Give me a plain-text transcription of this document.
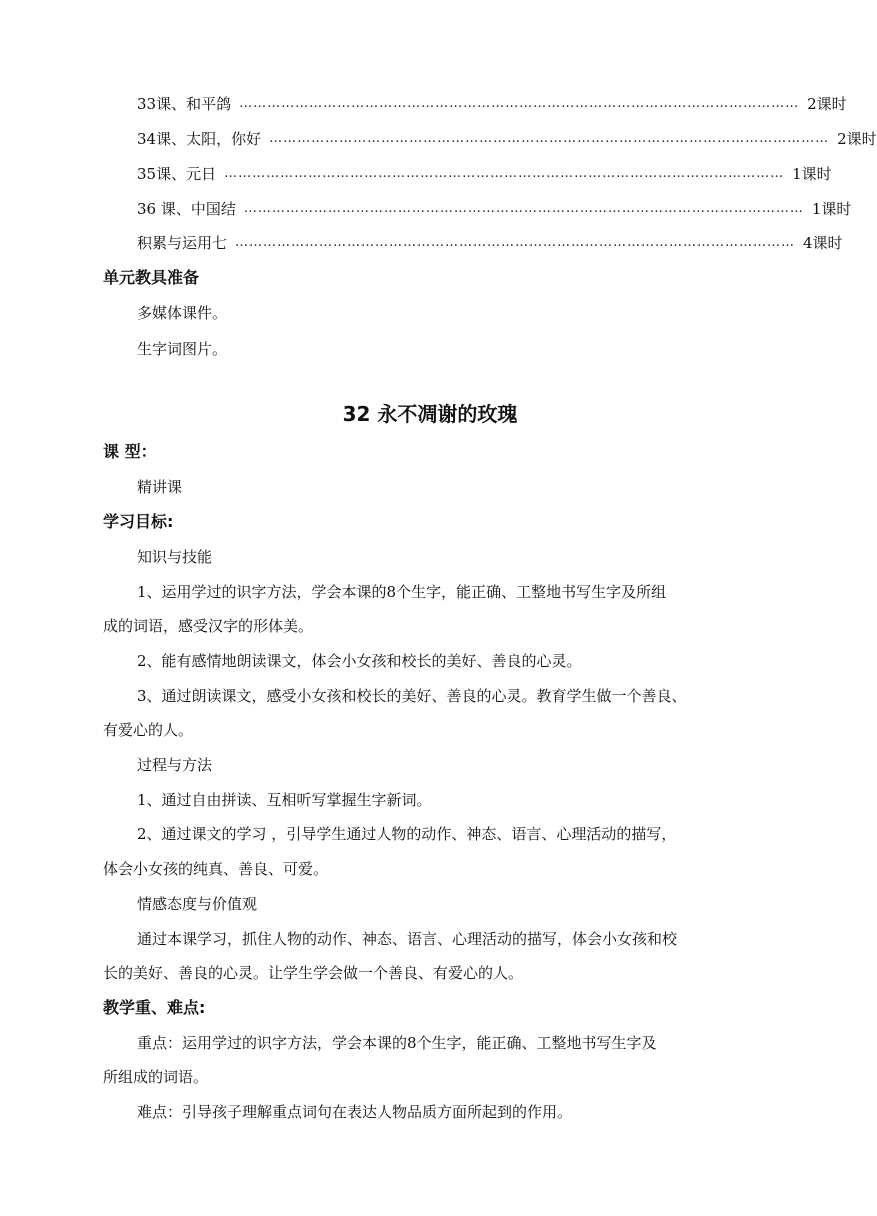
33课、和平鸽 ………………………………………………………………………………………………………… 2课时
34课、太阳，你好 ………………………………………………………………………………………………………… 2课时
35课、元日 ………………………………………………………………………………………………………… 1课时
36 课、中国结 ………………………………………………………………………………………………………… 1课时
积累与运用七 ………………………………………………………………………………………………………… 4课时
单元教具准备
多媒体课件。
生字词图片。
32 永不凋谢的玫瑰
课 型：
精讲课
学习目标:
知识与技能
1、运用学过的识字方法，学会本课的8个生字，能正确、工整地书写生字及所组
成的词语，感受汉字的形体美。
2、能有感情地朗读课文，体会小女孩和校长的美好、善良的心灵。
3、通过朗读课文，感受小女孩和校长的美好、善良的心灵。教育学生做一个善良、
有爱心的人。
过程与方法
1、通过自由拼读、互相听写掌握生字新词。
2、通过课文的学习 ，引导学生通过人物的动作、神态、语言、心理活动的描写，
体会小女孩的纯真、善良、可爱。
情感态度与价值观
通过本课学习，抓住人物的动作、神态、语言、心理活动的描写，体会小女孩和校
长的美好、善良的心灵。让学生学会做一个善良、有爱心的人。
教学重、难点:
重点：运用学过的识字方法，学会本课的8个生字，能正确、工整地书写生字及
所组成的词语。
难点：引导孩子理解重点词句在表达人物品质方面所起到的作用。
